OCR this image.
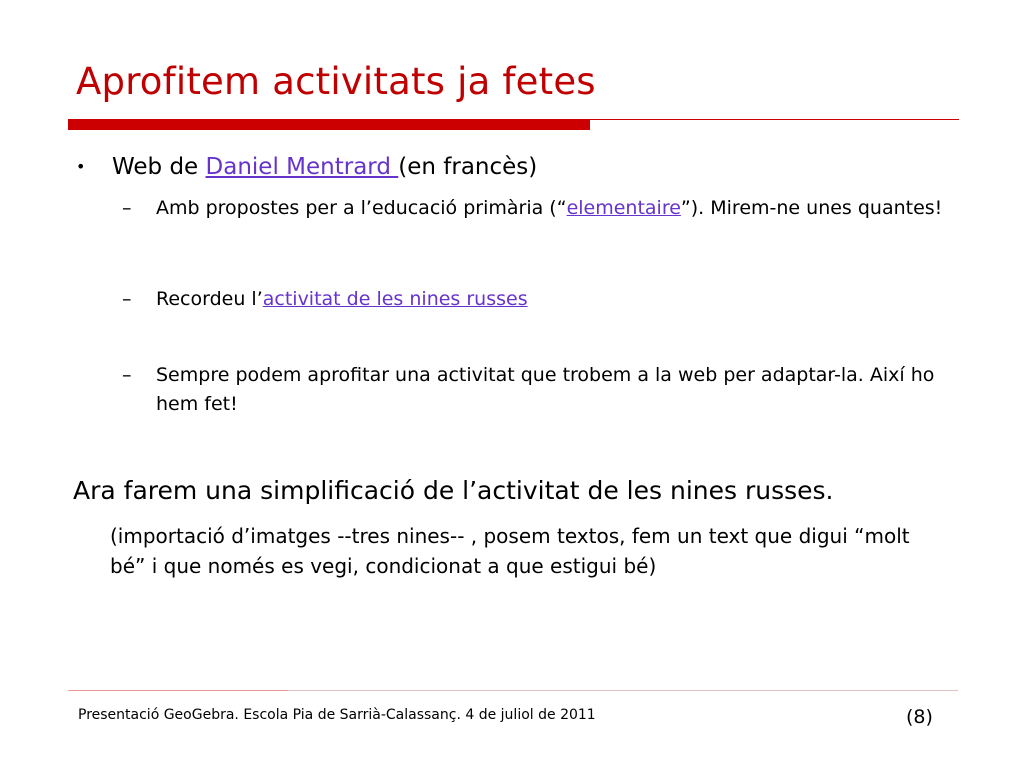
Aprofitem activitats ja fetes
• Web de Daniel Mentrard (en francès)
– Amb propostes per a l’educació primària (“elementaire”). Mirem-ne unes quantes!
– Recordeu l’activitat de les nines russes
– Sempre podem aprofitar una activitat que trobem a la web per adaptar-la. Així ho hem fet!
Ara farem una simplificació de l’activitat de les nines russes.
(importació d’imatges --tres nines-- , posem textos, fem un text que digui “molt bé” i que només es vegi, condicionat a que estigui bé)
Presentació GeoGebra. Escola Pia de Sarrià-Calassanç. 4 de juliol de 2011	(8)
